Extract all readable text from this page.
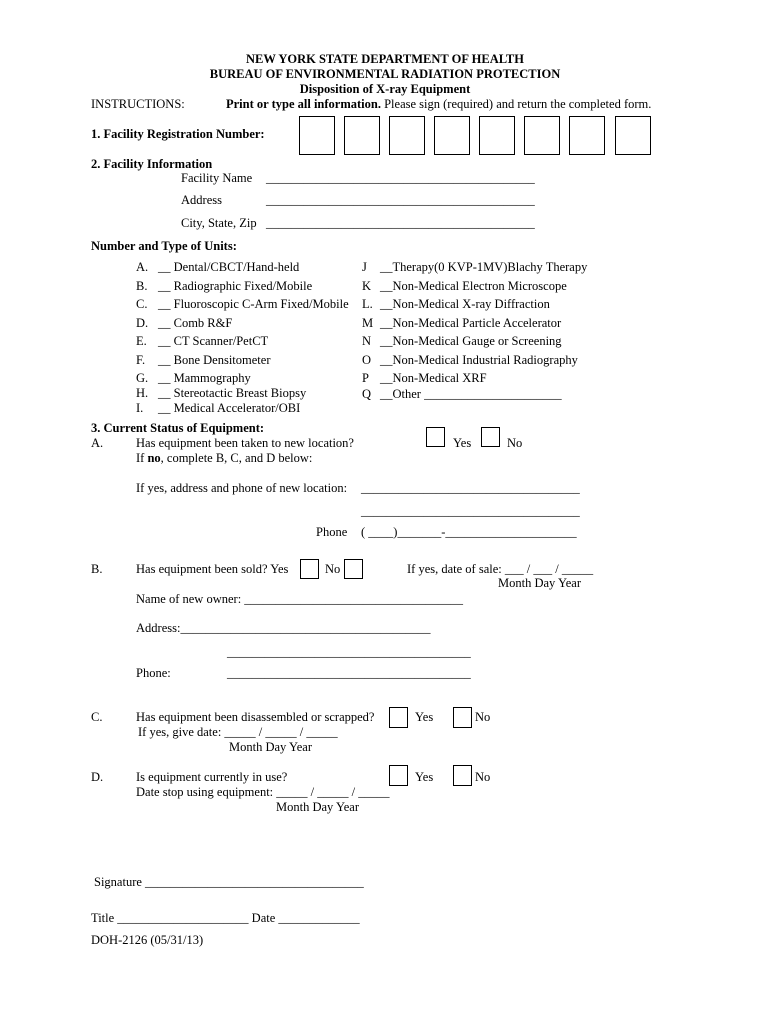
NEW YORK STATE DEPARTMENT OF HEALTH
BUREAU OF ENVIRONMENTAL RADIATION PROTECTION
Disposition of X-ray Equipment
INSTRUCTIONS:	Print or type all information. Please sign (required) and return the completed form.
1. Facility Registration Number:
2. Facility Information
Facility Name ___________________________________________
Address	___________________________________________
City, State, Zip ___________________________________________
Number and Type of Units:
A. __ Dental/CBCT/Hand-held
B. __ Radiographic Fixed/Mobile
C. __ Fluoroscopic C-Arm Fixed/Mobile
D. __ Comb R&F
E. __ CT Scanner/PetCT
F. __ Bone Densitometer
G. __ Mammography
H. __ Stereotactic Breast Biopsy
I. __ Medical Accelerator/OBI
J __Therapy(0 KVP-1MV)Blachy Therapy
K __Non-Medical Electron Microscope
L. __Non-Medical X-ray Diffraction
M __Non-Medical Particle Accelerator
N __Non-Medical Gauge or Screening
O __Non-Medical Industrial Radiography
P __Non-Medical XRF
Q __Other ______________________
3. Current Status of Equipment:
A.	Has equipment been taken to new location?
If no, complete B, C, and D below:
Yes	No
If yes, address and phone of new location: ___________________________________
___________________________________
Phone ( ____)_______-_____________________
B.	Has equipment been sold? Yes	No	If yes, date of sale: ___ / ___ / _____
Month Day Year
Name of new owner: ___________________________________
Address:________________________________________
_______________________________________
Phone:	_______________________________________
C.	Has equipment been disassembled or scrapped?	Yes	No
If yes, give date: _____ / _____ / _____
Month Day Year
D.	Is equipment currently in use?	Yes	No
Date stop using equipment: _____ / _____ / _____
Month Day Year
Signature ___________________________________
Title _____________________ Date _____________
DOH-2126 (05/31/13)
